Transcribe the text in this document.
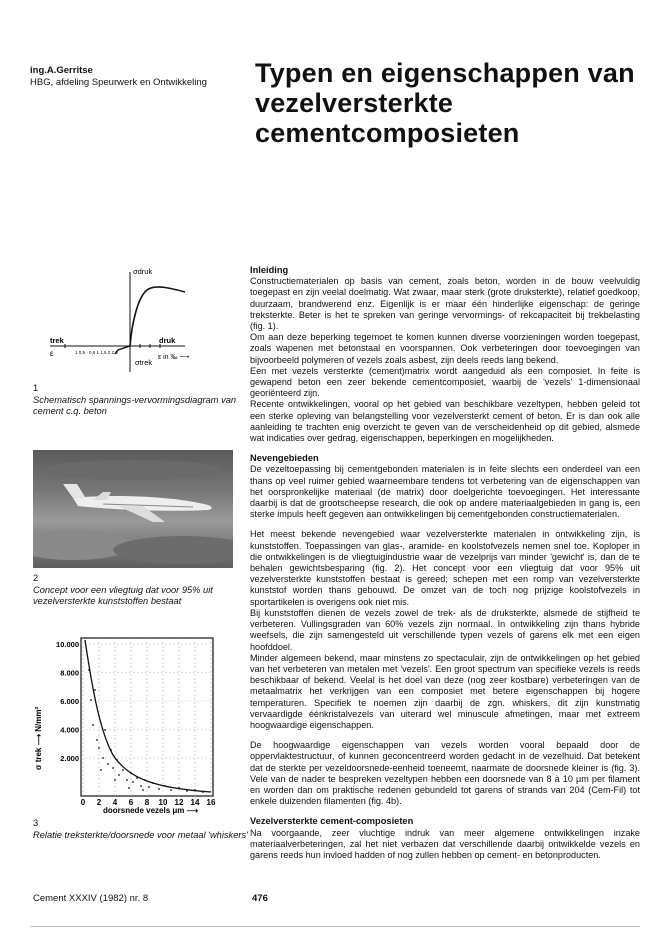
ing.A.Gerritse
HBG, afdeling Speurwerk en Ontwikkeling	Typen en eigenschappen van vezelversterkte cementcomposieten
σdruk
σtrek
trek	druk
ε	1 0,5 · 0,5 1 1,5 2 2,5
ε in ‰ ⟶
1
Schematisch spannings-vervormingsdiagram van cement c.q. beton
2
Concept voor een vliegtuig dat voor 95% uit vezelversterkte kunststoffen bestaat
10.000
8.000
6.000
4.000
2.000
0 2 4 6 8 10 12 14 16
σ trek ⟶ N/mm²
doorsnede vezels μm ⟶
3
Relatie treksterkte/doorsnede voor metaal 'whiskers'
Inleiding

Constructiematerialen op basis van cement, zoals beton, worden in de bouw veelvuldig toegepast en zijn veelal doelmatig. Wat zwaar, maar sterk (grote druksterkte), relatief goedkoop, duurzaam, brandwerend enz. Eigenlijk is er maar één hinderlijke eigenschap: de geringe treksterkte. Beter is het te spreken van geringe vervormings- of rekcapaciteit bij trekbelasting (fig. 1).

Om aan deze beperking tegemoet te komen kunnen diverse voorzieningen worden toegepast, zoals wapenen met betonstaal en voorspannen. Ook verbeteringen door toevoegingen van bijvoorbeeld polymeren of vezels zoals asbest, zijn deels reeds lang bekend.

Een met vezels versterkte (cement)matrix wordt aangeduid als een composiet. In feite is gewapend beton een zeer bekende cementcomposiet, waarbij de 'vezels' 1-dimensionaal georiënteerd zijn.

Recente ontwikkelingen, vooral op het gebied van beschikbare vezeltypen, hebben geleid tot een sterke opleving van belangstelling voor vezelversterkt cement of beton. Er is dan ook alle aanleiding te trachten enig overzicht te geven van de verscheidenheid op dit gebied, alsmede wat indicaties over gedrag, eigenschappen, beperkingen en mogelijkheden.

Nevengebieden

De vezeltoepassing bij cementgebonden materialen is in feite slechts een onderdeel van een thans op veel ruimer gebied waarneembare tendens tot verbetering van de eigenschappen van het oorspronkelijke materiaal (de matrix) door doelgerichte toevoegingen. Het interessante daarbij is dat de grootscheepse research, die ook op andere materiaalgebieden in gang is, een sterke impuls heeft gegeven aan ontwikkelingen bij cementgebonden constructiematerialen.

Het meest bekende nevengebied waar vezelversterkte materialen in ontwikkeling zijn, is kunststoffen. Toepassingen van glas-, aramide- en koolstofvezels nemen snel toe. Koploper in die ontwikkelingen is de vliegtuigindustrie waar de vezelprijs van minder 'gewicht' is, dan de te behalen gewichtsbesparing (fig. 2). Het concept voor een vliegtuig dat voor 95% uit vezelversterkte kunststoffen bestaat is gereed; schepen met een romp van vezelversterkte kunststof worden thans gebouwd. De omzet van de toch nog prijzige koolstofvezels in sportartikelen is overigens ook niet mis.

Bij kunststoffen dienen de vezels zowel de trek- als de druksterkte, alsmede de stijfheid te verbeteren. Vullingsgraden van 60% vezels zijn normaal. In ontwikkeling zijn thans hybride weefsels, die zijn samengesteld uit verschillende typen vezels of garens elk met een eigen hoofddoel.

Minder algemeen bekend, maar minstens zo spectaculair, zijn de ontwikkelingen op het gebied van het verbeteren van metalen met 'vezels'. Een groot spectrum van specifieke vezels is reeds beschikbaar of bekend. Veelal is het doel van deze (nog zeer kostbare) verbeteringen van de metaalmatrix het verkrijgen van een composiet met betere eigenschappen bij hogere temperaturen. Specifiek te noemen zijn daarbij de zgn. whiskers, dit zijn kunstmatig vervaardigde éénkristalvezels van uiterard wel minuscule afmetingen, maar met extreem hoogwaardige eigenschappen.

De hoogwaardige eigenschappen van vezels worden vooral bepaald door de oppervlaktestructuur, of kunnen geconcentreerd worden gedacht in de vezelhuid. Dat betekent dat de sterkte per vezeldoorsnede-eenheid toeneemt, naarmate de doorsnede kleiner is (fig. 3). Vele van de nader te bespreken vezeltypen hebben een doorsnede van 8 à 10 μm per filament en worden dan om praktische redenen gebundeld tot garens of strands van 204 (Cem-Fil) tot enkele duizenden filamenten (fig. 4b).

Vezelversterkte cement-composieten

Na voorgaande, zeer vluchtige indruk van meer algemene ontwikkelingen inzake materiaalverbeteringen, zal het niet verbazen dat verschillende daarbij ontwikkelde vezels en garens reeds hun invloed hadden of nog zullen hebben op cement- en betonproducten.

Cement XXXIV (1982) nr. 8	476
